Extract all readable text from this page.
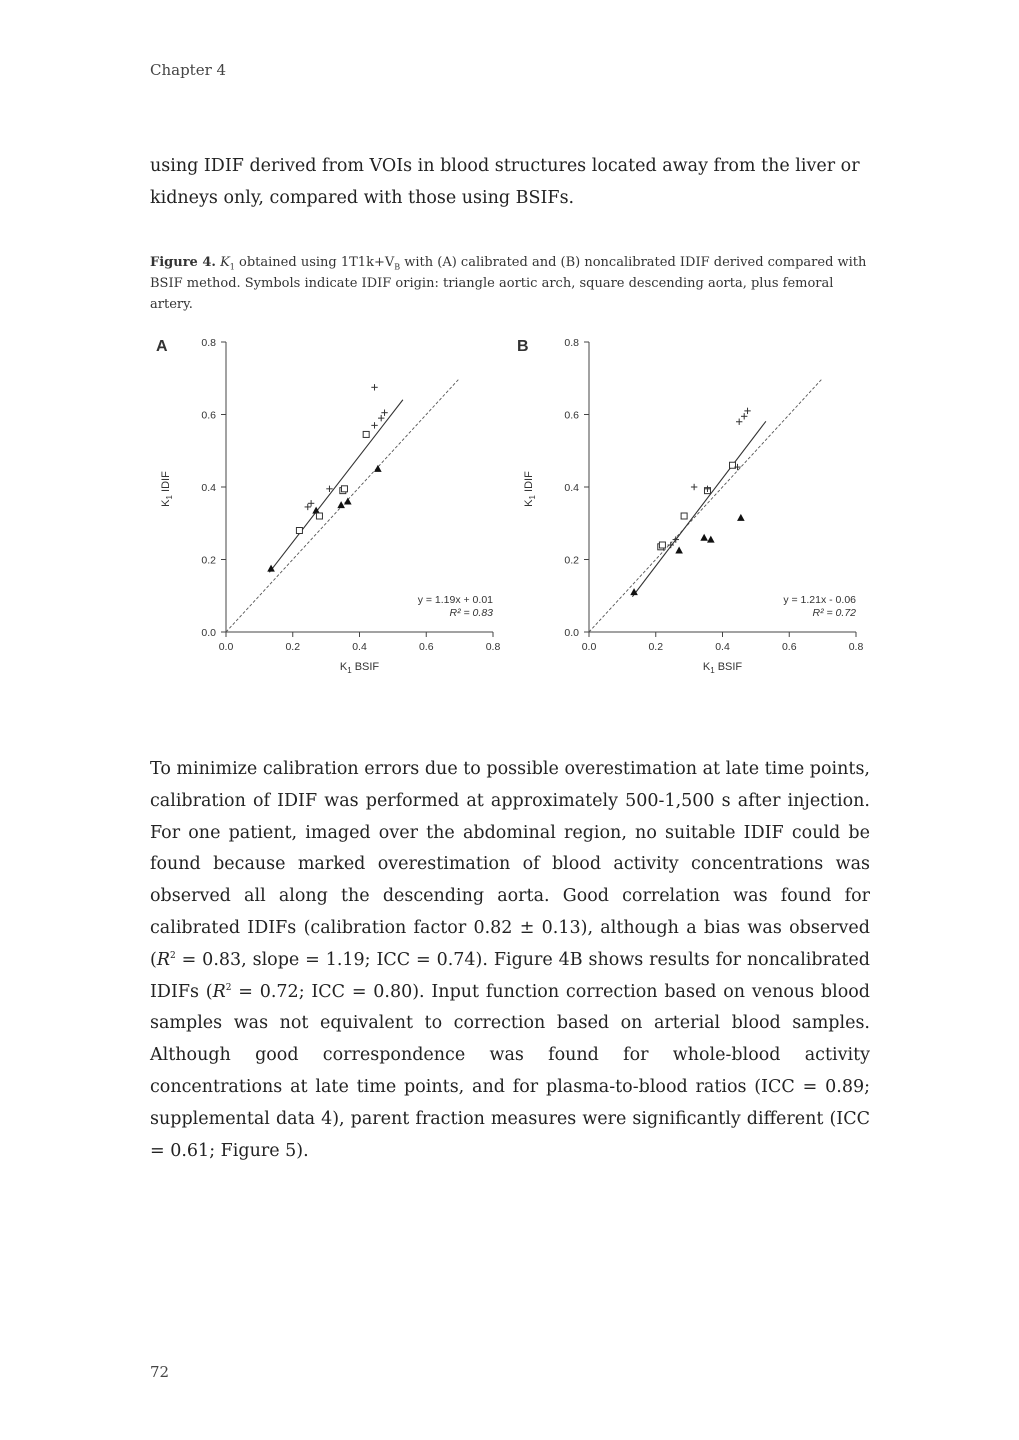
Chapter 4

using IDIF derived from VOIs in blood structures located away from the liver or kidneys only, compared with those using BSIFs.

Figure 4. $K_1$ obtained using $1T1k+V_B$ with (A) calibrated and (B) noncalibrated IDIF derived compared with BSIF method. Symbols indicate IDIF origin: triangle aortic arch, square descending aorta, plus femoral artery.

A
0.0	0.2	0.4	0.6	0.8
0.0
0.2
0.4
0.6
0.8
$K_1$ BSIF
$K_1$ IDIF
y = 1.19x + 0.01
R² = 0.83
B
0.0	0.2	0.4	0.6	0.8
0.0
0.2
0.4
0.6
0.8
$K_1$ BSIF
$K_1$ IDIF
y = 1.21x - 0.06
R² = 0.72

To minimize calibration errors due to possible overestimation at late time points, calibration of IDIF was performed at approximately 500-1,500 s after injection. For one patient, imaged over the abdominal region, no suitable IDIF could be found because marked overestimation of blood activity concentrations was observed all along the descending aorta. Good correlation was found for calibrated IDIFs (calibration factor 0.82 ± 0.13), although a bias was observed ($R^2 = 0.83$, slope = 1.19; ICC = 0.74). Figure 4B shows results for noncalibrated IDIFs ($R^2 = 0.72$; ICC = 0.80). Input function correction based on venous blood samples was not equivalent to correction based on arterial blood samples. Although good correspondence was found for whole-blood activity concentrations at late time points, and for plasma-to-blood ratios (ICC = 0.89; supplemental data 4), parent fraction measures were significantly different (ICC = 0.61; Figure 5).

72
